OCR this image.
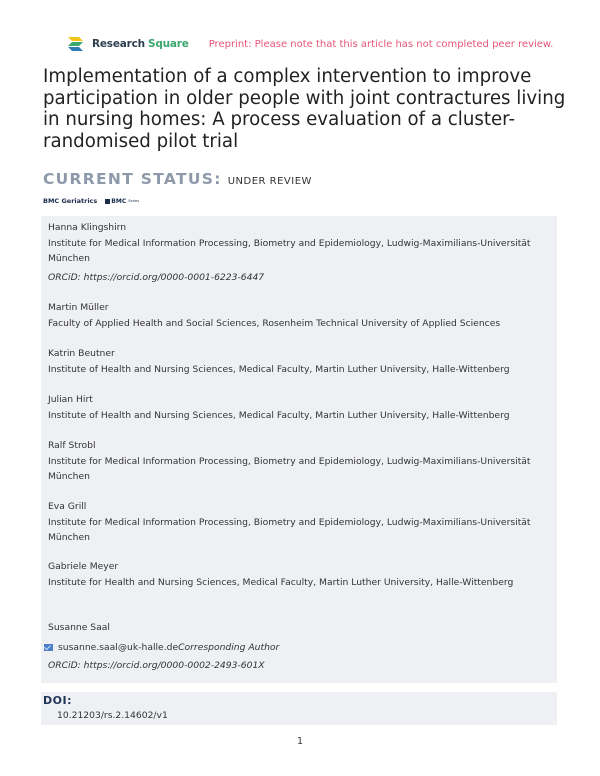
Research Square Preprint: Please note that this article has not completed peer review.
Implementation of a complex intervention to improve participation in older people with joint contractures living in nursing homes: A process evaluation of a cluster-randomised pilot trial
CURRENT STATUS: UNDER REVIEW
BMC Geriatrics BMC Series
Hanna Klingshirn
Institute for Medical Information Processing, Biometry and Epidemiology, Ludwig-Maximilians-Universität München
ORCiD: https://orcid.org/0000-0001-6223-6447
Martin Müller
Faculty of Applied Health and Social Sciences, Rosenheim Technical University of Applied Sciences
Katrin Beutner
Institute of Health and Nursing Sciences, Medical Faculty, Martin Luther University, Halle-Wittenberg
Julian Hirt
Institute of Health and Nursing Sciences, Medical Faculty, Martin Luther University, Halle-Wittenberg
Ralf Strobl
Institute for Medical Information Processing, Biometry and Epidemiology, Ludwig-Maximilians-Universität München
Eva Grill
Institute for Medical Information Processing, Biometry and Epidemiology, Ludwig-Maximilians-Universität München
Gabriele Meyer
Institute for Health and Nursing Sciences, Medical Faculty, Martin Luther University, Halle-Wittenberg
Susanne Saal
susanne.saal@uk-halle.de Corresponding Author
ORCiD: https://orcid.org/0000-0002-2493-601X
DOI:
10.21203/rs.2.14602/v1
1
